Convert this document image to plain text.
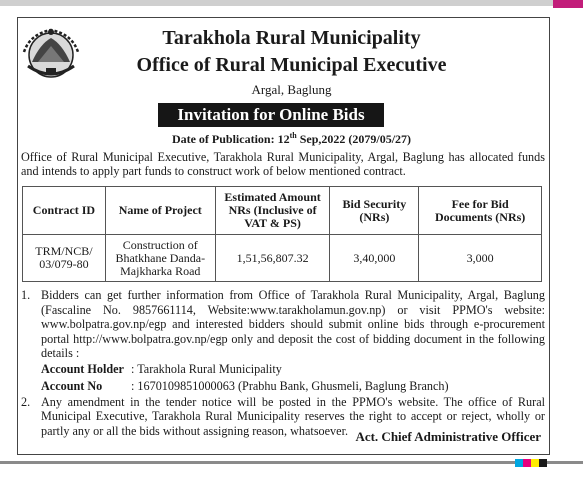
Tarakhola Rural Municipality
Office of Rural Municipal Executive
Argal, Baglung
Invitation for Online Bids
Date of Publication: 12th Sep,2022 (2079/05/27)
Office of Rural Municipal Executive, Tarakhola Rural Municipality, Argal, Baglung has allocated funds and intends to apply part funds to construct work of below mentioned contract.
Contract ID	Name of Project	Estimated Amount NRs (Inclusive of VAT & PS)	Bid Security (NRs)	Fee for Bid Documents (NRs)
TRM/NCB/ 03/079-80	Construction of Bhatkhane Danda-Majkharka Road	1,51,56,807.32	3,40,000	3,000
1. Bidders can get further information from Office of Tarakhola Rural Municipality, Argal, Baglung (Fascaline No. 9857661114, Website:www.tarakholamun.gov.np) or visit PPMO's website: www.bolpatra.gov.np/egp and interested bidders should submit online bids through e-procurement portal http://www.bolpatra.gov.np/egp only and deposit the cost of bidding document in the following details :
Account Holder : Tarakhola Rural Municipality
Account No	: 1670109851000063 (Prabhu Bank, Ghusmeli, Baglung Branch)
2. Any amendment in the tender notice will be posted in the PPMO's website. The office of Rural Municipal Executive, Tarakhola Rural Municipality reserves the right to accept or reject, wholly or partly any or all the bids without assigning reason, whatsoever. Act. Chief Administrative Officer
